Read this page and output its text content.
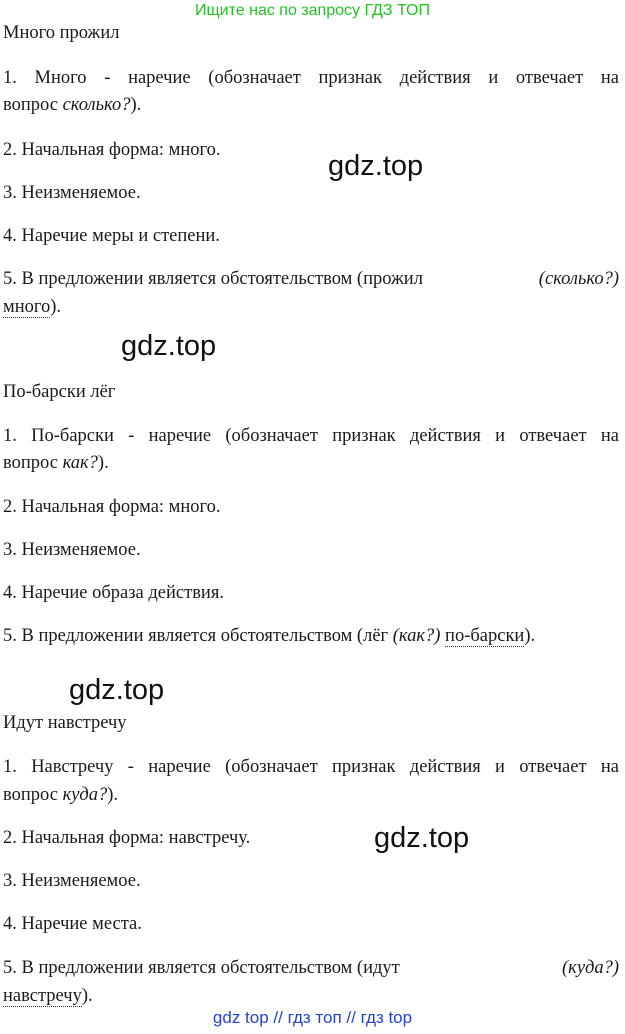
Ищите нас по запросу ГДЗ ТОП
Много прожил
1. Много - наречие (обозначает признак действия и отвечает на
вопрос сколько?).
2. Начальная форма: много.
3. Неизменяемое.
4. Наречие меры и степени.
5. В предложении является обстоятельством (прожил	(сколько?)
много).
gdz.top
gdz.top
По-барски лёг
1. По-барски - наречие (обозначает признак действия и отвечает на
вопрос как?).
2. Начальная форма: много.
3. Неизменяемое.
4. Наречие образа действия.
5. В предложении является обстоятельством (лёг (как?) по-барски).
gdz.top
Идут навстречу
1. Навстречу - наречие (обозначает признак действия и отвечает на
вопрос куда?).
2. Начальная форма: навстречу.
3. Неизменяемое.
4. Наречие места.
5. В предложении является обстоятельством (идут	(куда?)
навстречу).
gdz.top
gdz top // гдз топ // гдз top
